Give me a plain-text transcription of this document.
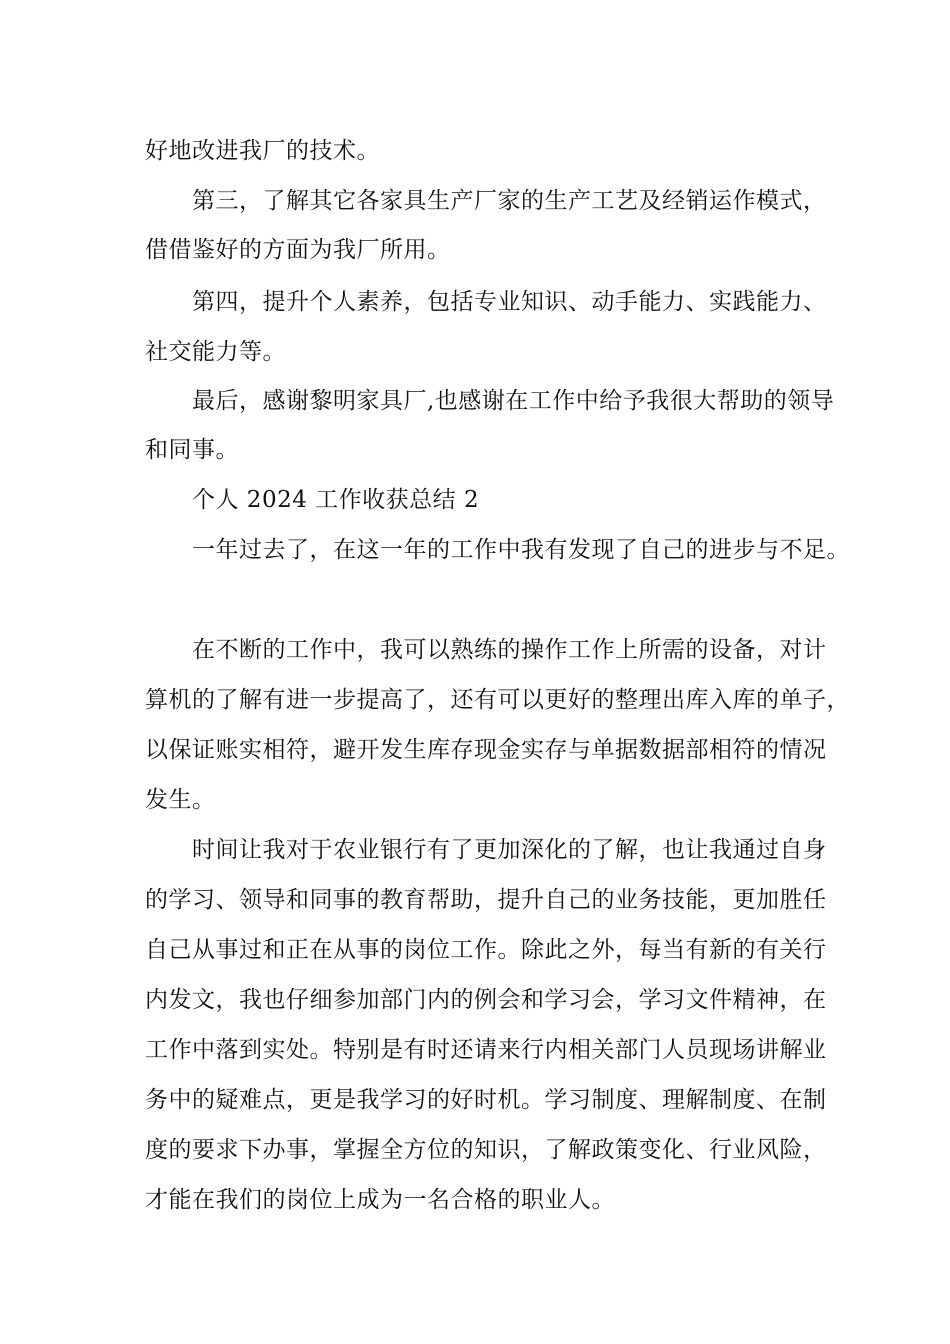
好地改进我厂的技术。
第三，了解其它各家具生产厂家的生产工艺及经销运作模式，
借借鉴好的方面为我厂所用。
第四，提升个人素养，包括专业知识、动手能力、实践能力、
社交能力等。
最后，感谢黎明家具厂,也感谢在工作中给予我很大帮助的领导
和同事。
个人 2024 工作收获总结 2
一年过去了，在这一年的工作中我有发现了自己的进步与不足。
在不断的工作中，我可以熟练的操作工作上所需的设备，对计
算机的了解有进一步提高了，还有可以更好的整理出库入库的单子，
以保证账实相符，避开发生库存现金实存与单据数据部相符的情况
发生。
时间让我对于农业银行有了更加深化的了解，也让我通过自身
的学习、领导和同事的教育帮助，提升自己的业务技能，更加胜任
自己从事过和正在从事的岗位工作。除此之外，每当有新的有关行
内发文，我也仔细参加部门内的例会和学习会，学习文件精神，在
工作中落到实处。特别是有时还请来行内相关部门人员现场讲解业
务中的疑难点，更是我学习的好时机。学习制度、理解制度、在制
度的要求下办事，掌握全方位的知识，了解政策变化、行业风险，
才能在我们的岗位上成为一名合格的职业人。
